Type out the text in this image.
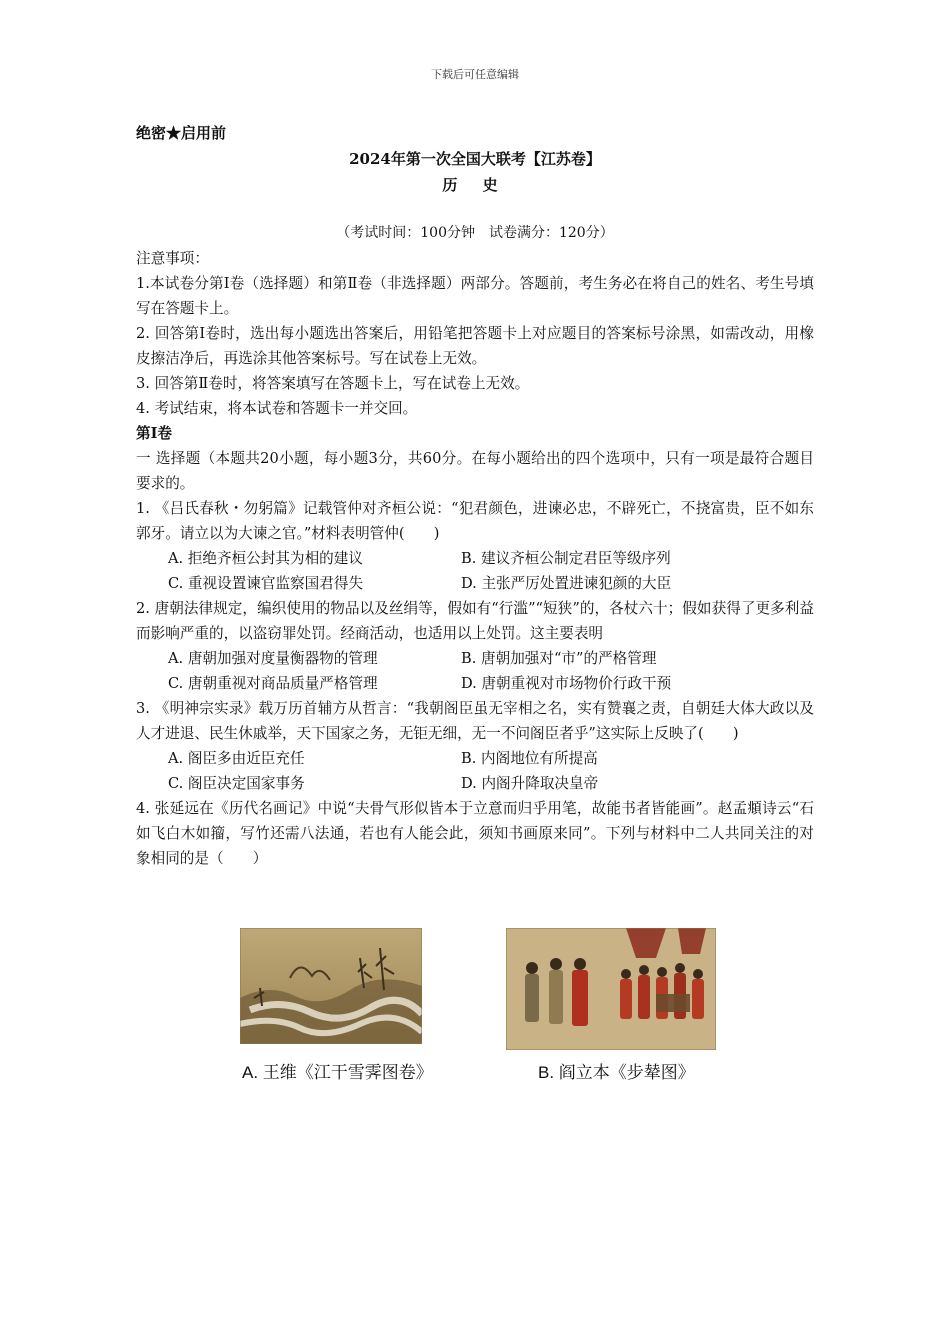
下载后可任意编辑
绝密★启用前
2024年第一次全国大联考【江苏卷】
历 史
（考试时间：100分钟　试卷满分：120分）

注意事项：

1.本试卷分第Ⅰ卷（选择题）和第Ⅱ卷（非选择题）两部分。答题前，考生务必在将自己的姓名、考生号填写在答题卡上。

2. 回答第Ⅰ卷时，选出每小题选出答案后，用铅笔把答题卡上对应题目的答案标号涂黑，如需改动，用橡皮擦洁净后，再选涂其他答案标号。写在试卷上无效。

3. 回答第Ⅱ卷时，将答案填写在答题卡上，写在试卷上无效。

4. 考试结束，将本试卷和答题卡一并交回。

第Ⅰ卷

一 选择题（本题共20小题，每小题3分，共60分。在每小题给出的四个选项中，只有一项是最符合题目要求的。

1. 《吕氏春秋・勿躬篇》记载管仲对齐桓公说：“犯君颜色，进谏必忠，不辟死亡，不挠富贵，臣不如东郭牙。请立以为大谏之官。”材料表明管仲(　　)

A. 拒绝齐桓公封其为相的建议	B. 建议齐桓公制定君臣等级序列
C. 重视设置谏官监察国君得失	D. 主张严厉处置进谏犯颜的大臣

2. 唐朝法律规定，编织使用的物品以及丝绢等，假如有“行滥”“短狭”的，各杖六十；假如获得了更多利益而影响严重的，以盗窃罪处罚。经商活动，也适用以上处罚。这主要表明

A. 唐朝加强对度量衡器物的管理	B. 唐朝加强对“市”的严格管理
C. 唐朝重视对商品质量严格管理	D. 唐朝重视对市场物价行政干预

3. 《明神宗实录》载万历首辅方从哲言：“我朝阁臣虽无宰相之名，实有赞襄之责，自朝廷大体大政以及人才进退、民生休戚举，天下国家之务，无钜无细，无一不问阁臣者乎”这实际上反映了(　　)

A. 阁臣多由近臣充任	B. 内阁地位有所提高
C. 阁臣决定国家事务	D. 内阁升降取决皇帝

4. 张延远在《历代名画记》中说“夫骨气形似皆本于立意而归乎用笔，故能书者皆能画”。赵孟頫诗云“石如飞白木如籀，写竹还需八法通，若也有人能会此，须知书画原来同”。下列与材料中二人共同关注的对象相同的是（　　）

A. 王维《江干雪霁图卷》	B. 阎立本《步辇图》
